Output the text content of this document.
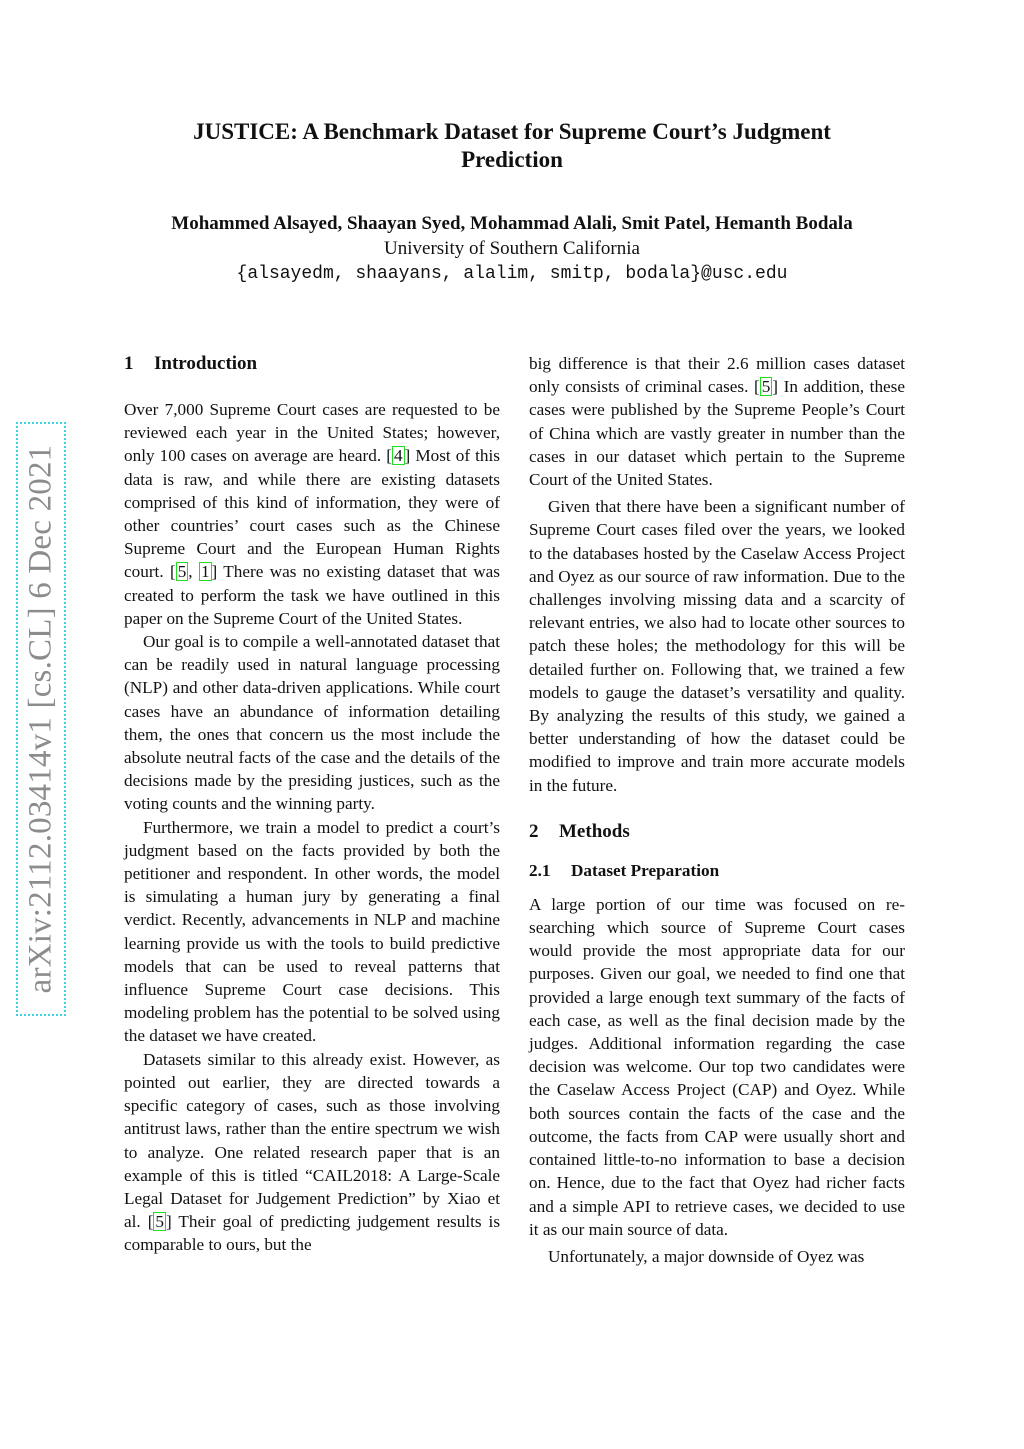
arXiv:2112.03414v1 [cs.CL] 6 Dec 2021
JUSTICE: A Benchmark Dataset for Supreme Court’s Judgment
Prediction
Mohammed Alsayed, Shaayan Syed, Mohammad Alali, Smit Patel, Hemanth Bodala
University of Southern California
{alsayedm, shaayans, alalim, smitp, bodala}@usc.edu
1 Introduction

Over 7,000 Supreme Court cases are requested to be reviewed each year in the United States; however, only 100 cases on average are heard. [ 4 ] Most of this data is raw, and while there are existing datasets comprised of this kind of information, they were of other countries’ court cases such as the Chinese Supreme Court and the European Human Rights court. [ 5 , 1 ] There was no existing dataset that was created to perform the task we have outlined in this paper on the Supreme Court of the United States.

Our goal is to compile a well-annotated dataset that can be readily used in natural language processing (NLP) and other data-driven applications. While court cases have an abundance of information detailing them, the ones that concern us the most include the absolute neutral facts of the case and the details of the decisions made by the presiding justices, such as the voting counts and the winning party.

Furthermore, we train a model to predict a court’s judgment based on the facts provided by both the petitioner and respondent. In other words, the model is simulating a human jury by generating a final verdict. Recently, advancements in NLP and machine learning provide us with the tools to build predictive models that can be used to reveal patterns that influence Supreme Court case decisions. This modeling problem has the potential to be solved using the dataset we have created.

Datasets similar to this already exist. However, as pointed out earlier, they are directed towards a specific category of cases, such as those involving antitrust laws, rather than the entire spectrum we wish to analyze. One related research paper that is an example of this is titled “CAIL2018: A Large-Scale Legal Dataset for Judgement Prediction” by Xiao et al. [ 5 ] Their goal of predicting judgement results is comparable to ours, but the

big difference is that their 2.6 million cases dataset only consists of criminal cases. [ 5 ] In addition, these cases were published by the Supreme People’s Court of China which are vastly greater in number than the cases in our dataset which pertain to the Supreme Court of the United States.

Given that there have been a significant number of Supreme Court cases filed over the years, we looked to the databases hosted by the Caselaw Access Project and Oyez as our source of raw information. Due to the challenges involving missing data and a scarcity of relevant entries, we also had to locate other sources to patch these holes; the methodology for this will be detailed further on. Following that, we trained a few models to gauge the dataset’s versatility and quality. By analyzing the results of this study, we gained a better understanding of how the dataset could be modified to improve and train more accurate models in the future.

2 Methods
2.1 Dataset Preparation

A large portion of our time was focused on researching which source of Supreme Court cases would provide the most appropriate data for our purposes. Given our goal, we needed to find one that provided a large enough text summary of the facts of each case, as well as the final decision made by the judges. Additional information regarding the case decision was welcome. Our top two candidates were the Caselaw Access Project (CAP) and Oyez. While both sources contain the facts of the case and the outcome, the facts from CAP were usually short and contained little-to-no information to base a decision on. Hence, due to the fact that Oyez had richer facts and a simple API to retrieve cases, we decided to use it as our main source of data.

Unfortunately, a major downside of Oyez was
